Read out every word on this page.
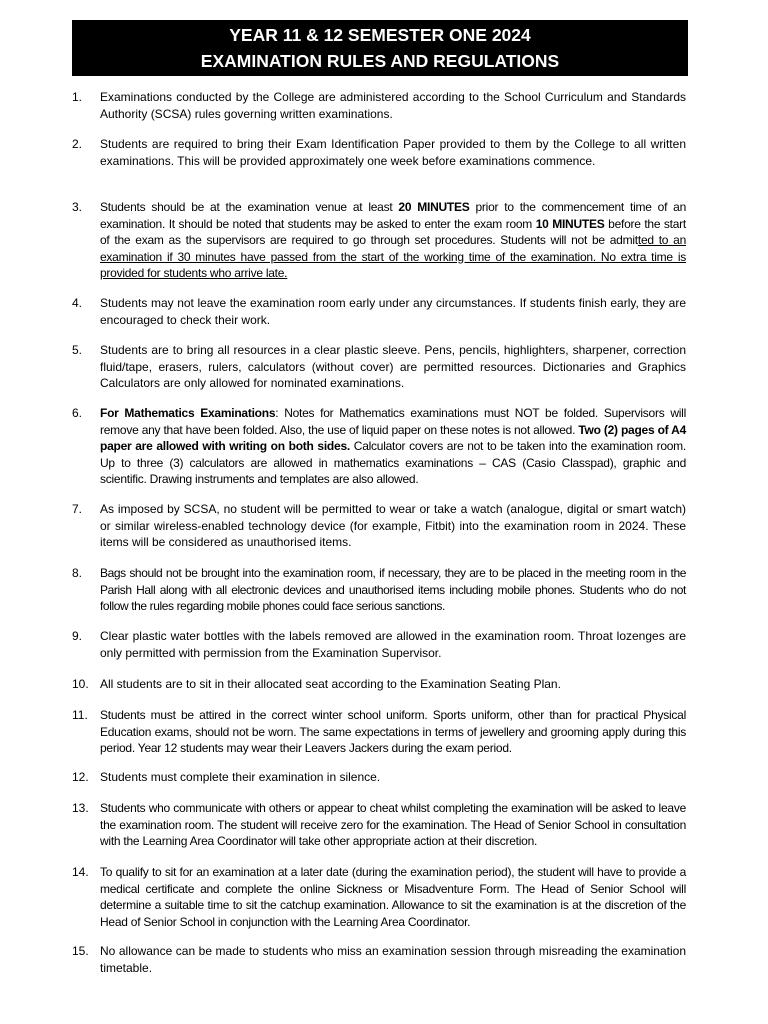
YEAR 11 & 12 SEMESTER ONE 2024
EXAMINATION RULES AND REGULATIONS
1.	Examinations conducted by the College are administered according to the School Curriculum and Standards Authority (SCSA) rules governing written examinations.
2.	Students are required to bring their Exam Identification Paper provided to them by the College to all written examinations. This will be provided approximately one week before examinations commence.
3.	Students should be at the examination venue at least 20 MINUTES prior to the commencement time of an examination. It should be noted that students may be asked to enter the exam room 10 MINUTES before the start of the exam as the supervisors are required to go through set procedures. Students will not be admitted to an examination if 30 minutes have passed from the start of the working time of the examination. No extra time is provided for students who arrive late.
4.	Students may not leave the examination room early under any circumstances. If students finish early, they are encouraged to check their work.
5.	Students are to bring all resources in a clear plastic sleeve. Pens, pencils, highlighters, sharpener, correction fluid/tape, erasers, rulers, calculators (without cover) are permitted resources. Dictionaries and Graphics Calculators are only allowed for nominated examinations.
6.	For Mathematics Examinations: Notes for Mathematics examinations must NOT be folded. Supervisors will remove any that have been folded. Also, the use of liquid paper on these notes is not allowed. Two (2) pages of A4 paper are allowed with writing on both sides. Calculator covers are not to be taken into the examination room. Up to three (3) calculators are allowed in mathematics examinations – CAS (Casio Classpad), graphic and scientific. Drawing instruments and templates are also allowed.
7.	As imposed by SCSA, no student will be permitted to wear or take a watch (analogue, digital or smart watch) or similar wireless-enabled technology device (for example, Fitbit) into the examination room in 2024. These items will be considered as unauthorised items.
8.	Bags should not be brought into the examination room, if necessary, they are to be placed in the meeting room in the Parish Hall along with all electronic devices and unauthorised items including mobile phones. Students who do not follow the rules regarding mobile phones could face serious sanctions.
9.	Clear plastic water bottles with the labels removed are allowed in the examination room. Throat lozenges are only permitted with permission from the Examination Supervisor.
10. All students are to sit in their allocated seat according to the Examination Seating Plan.
11.	Students must be attired in the correct winter school uniform. Sports uniform, other than for practical Physical Education exams, should not be worn. The same expectations in terms of jewellery and grooming apply during this period. Year 12 students may wear their Leavers Jackers during the exam period.
12. Students must complete their examination in silence.
13. Students who communicate with others or appear to cheat whilst completing the examination will be asked to leave the examination room. The student will receive zero for the examination. The Head of Senior School in consultation with the Learning Area Coordinator will take other appropriate action at their discretion.
14. To qualify to sit for an examination at a later date (during the examination period), the student will have to provide a medical certificate and complete the online Sickness or Misadventure Form. The Head of Senior School will determine a suitable time to sit the catchup examination. Allowance to sit the examination is at the discretion of the Head of Senior School in conjunction with the Learning Area Coordinator.
15. No allowance can be made to students who miss an examination session through misreading the examination timetable.
